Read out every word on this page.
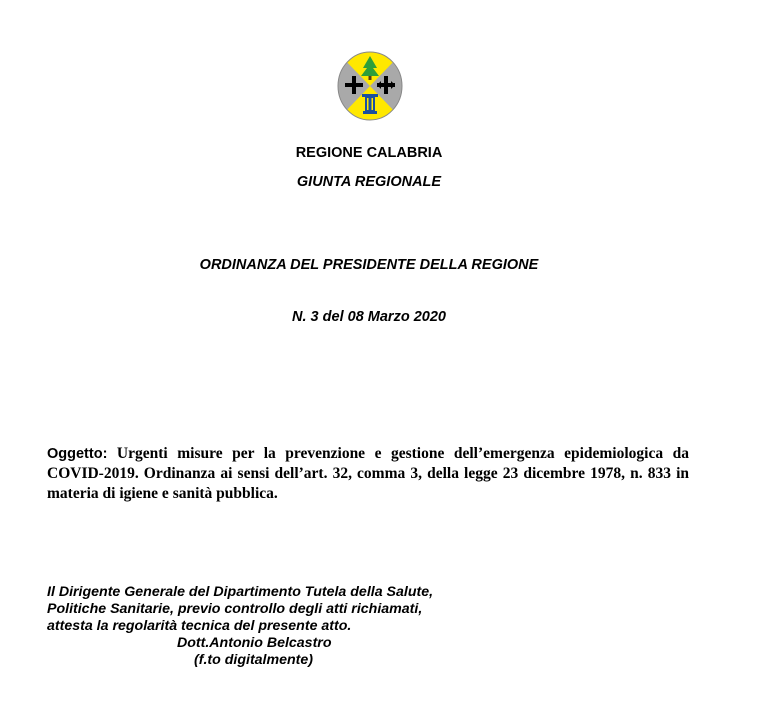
REGIONE CALABRIA
GIUNTA REGIONALE
ORDINANZA DEL PRESIDENTE DELLA REGIONE
N. 3 del 08 Marzo 2020
Oggetto: Urgenti misure per la prevenzione e gestione dell’emergenza epidemiologica da COVID-2019. Ordinanza ai sensi dell’art. 32, comma 3, della legge 23 dicembre 1978, n. 833 in materia di igiene e sanità pubblica.
Il Dirigente Generale del Dipartimento Tutela della Salute,
Politiche Sanitarie, previo controllo degli atti richiamati,
attesta la regolarità tecnica del presente atto.
Dott.Antonio Belcastro
(f.to digitalmente)
